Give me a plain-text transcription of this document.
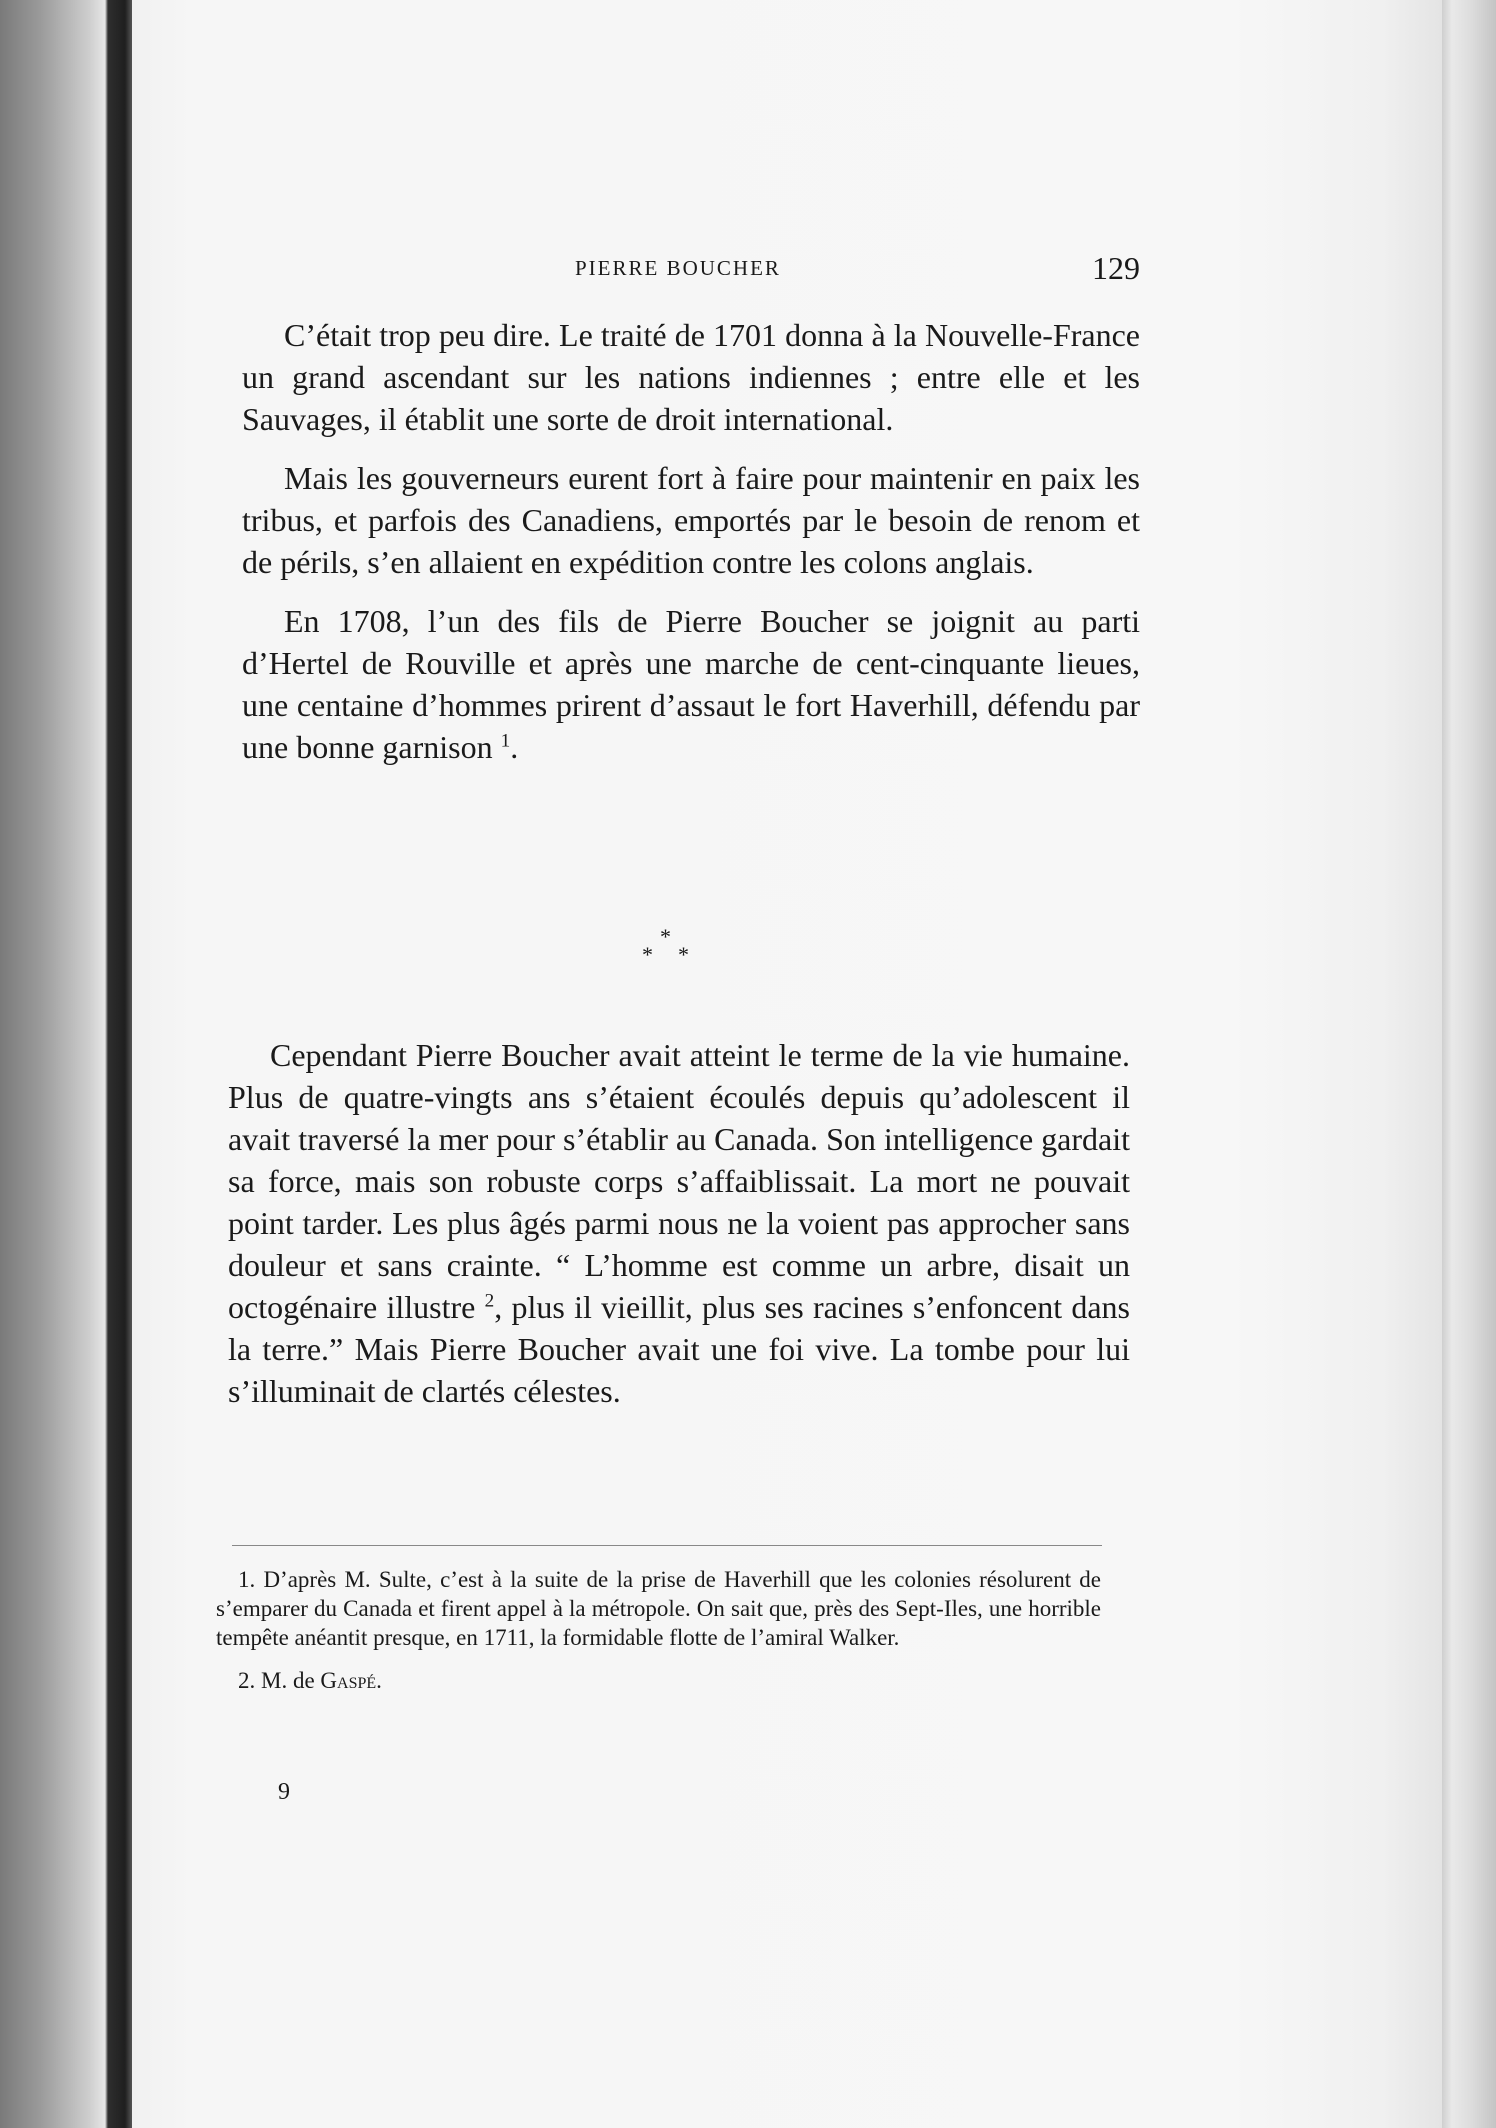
PIERRE BOUCHER	129

C’était trop peu dire. Le traité de 1701 donna à la Nouvelle-France un grand ascendant sur les nations indiennes ; entre elle et les Sauvages, il établit une sorte de droit international.

Mais les gouverneurs eurent fort à faire pour maintenir en paix les tribus, et parfois des Canadiens, emportés par le besoin de renom et de périls, s’en allaient en expédition contre les colons anglais.

En 1708, l’un des fils de Pierre Boucher se joignit au parti d’Hertel de Rouville et après une marche de cent-cinquante lieues, une centaine d’hommes prirent d’assaut le fort Haverhill, défendu par une bonne garnison $^1$.

*
* *

Cependant Pierre Boucher avait atteint le terme de la vie humaine. Plus de quatre-vingts ans s’étaient écoulés depuis qu’adolescent il avait traversé la mer pour s’établir au Canada. Son intelligence gardait sa force, mais son robuste corps s’affaiblissait. La mort ne pouvait point tarder. Les plus âgés parmi nous ne la voient pas approcher sans douleur et sans crainte. “ L’homme est comme un arbre, disait un octogénaire illustre $^2$, plus il vieillit, plus ses racines s’enfoncent dans la terre.” Mais Pierre Boucher avait une foi vive. La tombe pour lui s’illuminait de clartés célestes.

1. D’après M. Sulte, c’est à la suite de la prise de Haverhill que les colonies résolurent de s’emparer du Canada et firent appel à la métropole. On sait que, près des Sept-Iles, une horrible tempête anéantit presque, en 1711, la formidable flotte de l’amiral Walker.

2. M. de Gaspé.

9
